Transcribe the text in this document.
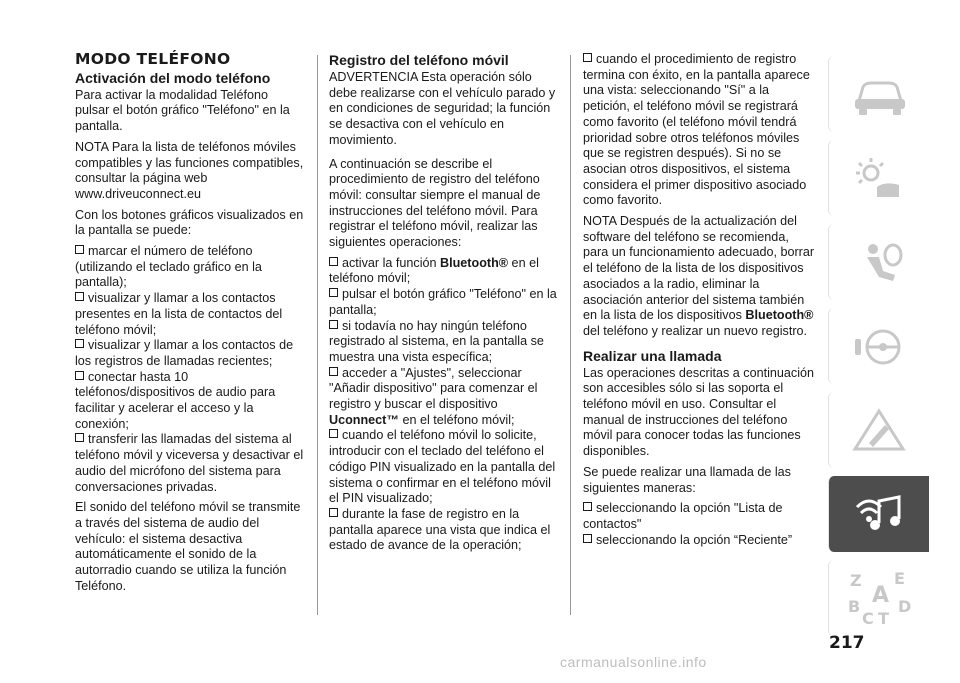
MODO TELÉFONO
Activación del modo teléfono

Para activar la modalidad Teléfono pulsar el botón gráfico "Teléfono" en la pantalla.

NOTA Para la lista de teléfonos móviles compatibles y las funciones compatibles, consultar la página web www.driveuconnect.eu

Con los botones gráficos visualizados en la pantalla se puede:

marcar el número de teléfono (utilizando el teclado gráfico en la pantalla);
visualizar y llamar a los contactos presentes en la lista de contactos del teléfono móvil;
visualizar y llamar a los contactos de los registros de llamadas recientes;
conectar hasta 10 teléfonos/dispositivos de audio para facilitar y acelerar el acceso y la conexión;
transferir las llamadas del sistema al teléfono móvil y viceversa y desactivar el audio del micrófono del sistema para conversaciones privadas.

El sonido del teléfono móvil se transmite a través del sistema de audio del vehículo: el sistema desactiva automáticamente el sonido de la autorradio cuando se utiliza la función Teléfono.

Registro del teléfono móvil

ADVERTENCIA Esta operación sólo debe realizarse con el vehículo parado y en condiciones de seguridad; la función se desactiva con el vehículo en movimiento.

A continuación se describe el procedimiento de registro del teléfono móvil: consultar siempre el manual de instrucciones del teléfono móvil. Para registrar el teléfono móvil, realizar las siguientes operaciones:

activar la función Bluetooth® en el teléfono móvil;
pulsar el botón gráfico "Teléfono" en la pantalla;
si todavía no hay ningún teléfono registrado al sistema, en la pantalla se muestra una vista específica;
acceder a "Ajustes", seleccionar "Añadir dispositivo" para comenzar el registro y buscar el dispositivo Uconnect™ en el teléfono móvil;
cuando el teléfono móvil lo solicite, introducir con el teclado del teléfono el código PIN visualizado en la pantalla del sistema o confirmar en el teléfono móvil el PIN visualizado;
durante la fase de registro en la pantalla aparece una vista que indica el estado de avance de la operación;
cuando el procedimiento de registro termina con éxito, en la pantalla aparece una vista: seleccionando "Sí" a la petición, el teléfono móvil se registrará como favorito (el teléfono móvil tendrá prioridad sobre otros teléfonos móviles que se registren después). Si no se asocian otros dispositivos, el sistema considera el primer dispositivo asociado como favorito.

NOTA Después de la actualización del software del teléfono se recomienda, para un funcionamiento adecuado, borrar el teléfono de la lista de los dispositivos asociados a la radio, eliminar la asociación anterior del sistema también en la lista de los dispositivos Bluetooth® del teléfono y realizar un nuevo registro.

Realizar una llamada

Las operaciones descritas a continuación son accesibles sólo si las soporta el teléfono móvil en uso. Consultar el manual de instrucciones del teléfono móvil para conocer todas las funciones disponibles.

Se puede realizar una llamada de las siguientes maneras:

seleccionando la opción "Lista de contactos"
seleccionando la opción “Reciente”
Z E
B
C T
D
A
217
carmanualsonline.info
